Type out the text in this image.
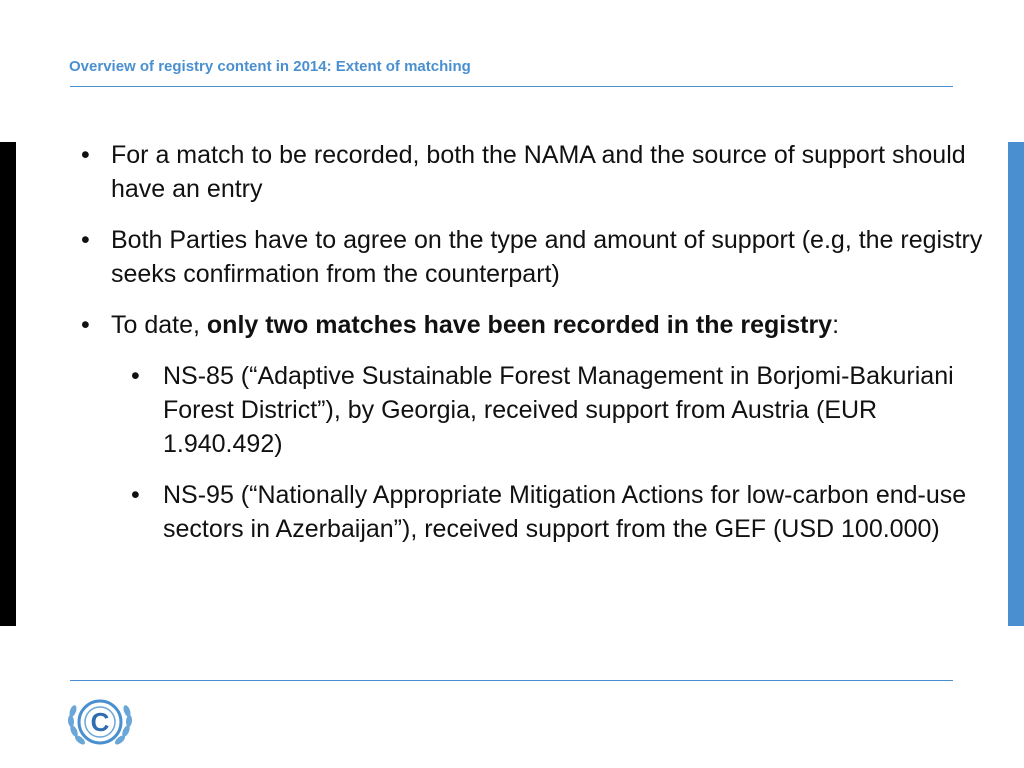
Overview of registry content in 2014: Extent of matching
• For a match to be recorded, both the NAMA and the source of support should have an entry
• Both Parties have to agree on the type and amount of support (e.g, the registry seeks confirmation from the counterpart)
• To date, only two matches have been recorded in the registry:
• NS-85 (“Adaptive Sustainable Forest Management in Borjomi-Bakuriani Forest District”), by Georgia, received support from Austria (EUR 1.940.492)
• NS-95 (“Nationally Appropriate Mitigation Actions for low-carbon end-use sectors in Azerbaijan”), received support from the GEF (USD 100.000)
C
